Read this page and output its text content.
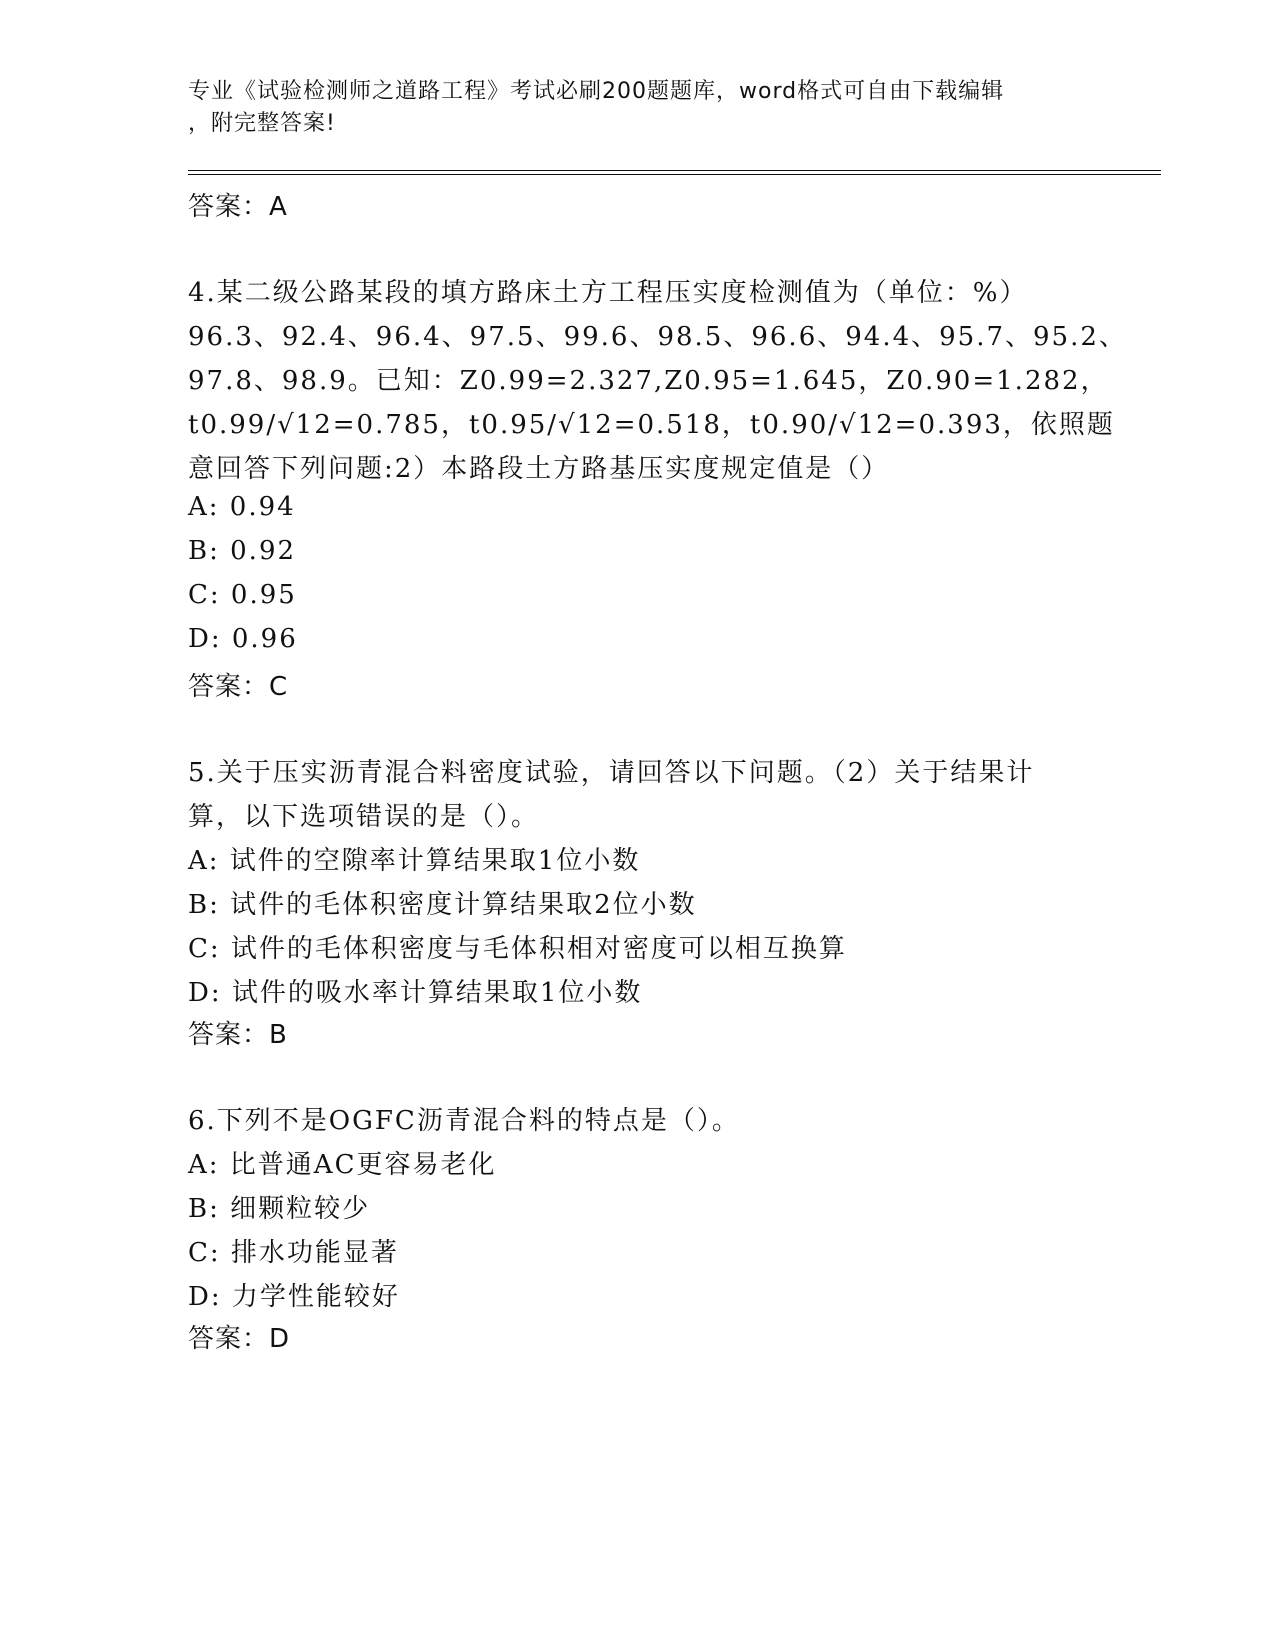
专业《试验检测师之道路工程》考试必刷200题题库，word格式可自由下载编辑
，附完整答案!
答案：A
4.某二级公路某段的填方路床土方工程压实度检测值为（单位：%）
96.3、92.4、96.4、97.5、99.6、98.5、96.6、94.4、95.7、95.2、
97.8、98.9。已知：Z0.99=2.327,Z0.95=1.645，Z0.90=1.282，
t0.99/√12=0.785，t0.95/√12=0.518，t0.90/√12=0.393，依照题
意回答下列问题:2）本路段土方路基压实度规定值是（）
A: 0.94
B: 0.92
C: 0.95
D: 0.96
答案：C
5.关于压实沥青混合料密度试验，请回答以下问题。（2）关于结果计
算，以下选项错误的是（）。
A: 试件的空隙率计算结果取1位小数
B: 试件的毛体积密度计算结果取2位小数
C: 试件的毛体积密度与毛体积相对密度可以相互换算
D: 试件的吸水率计算结果取1位小数
答案：B
6.下列不是OGFC沥青混合料的特点是（）。
A: 比普通AC更容易老化
B: 细颗粒较少
C: 排水功能显著
D: 力学性能较好
答案：D
